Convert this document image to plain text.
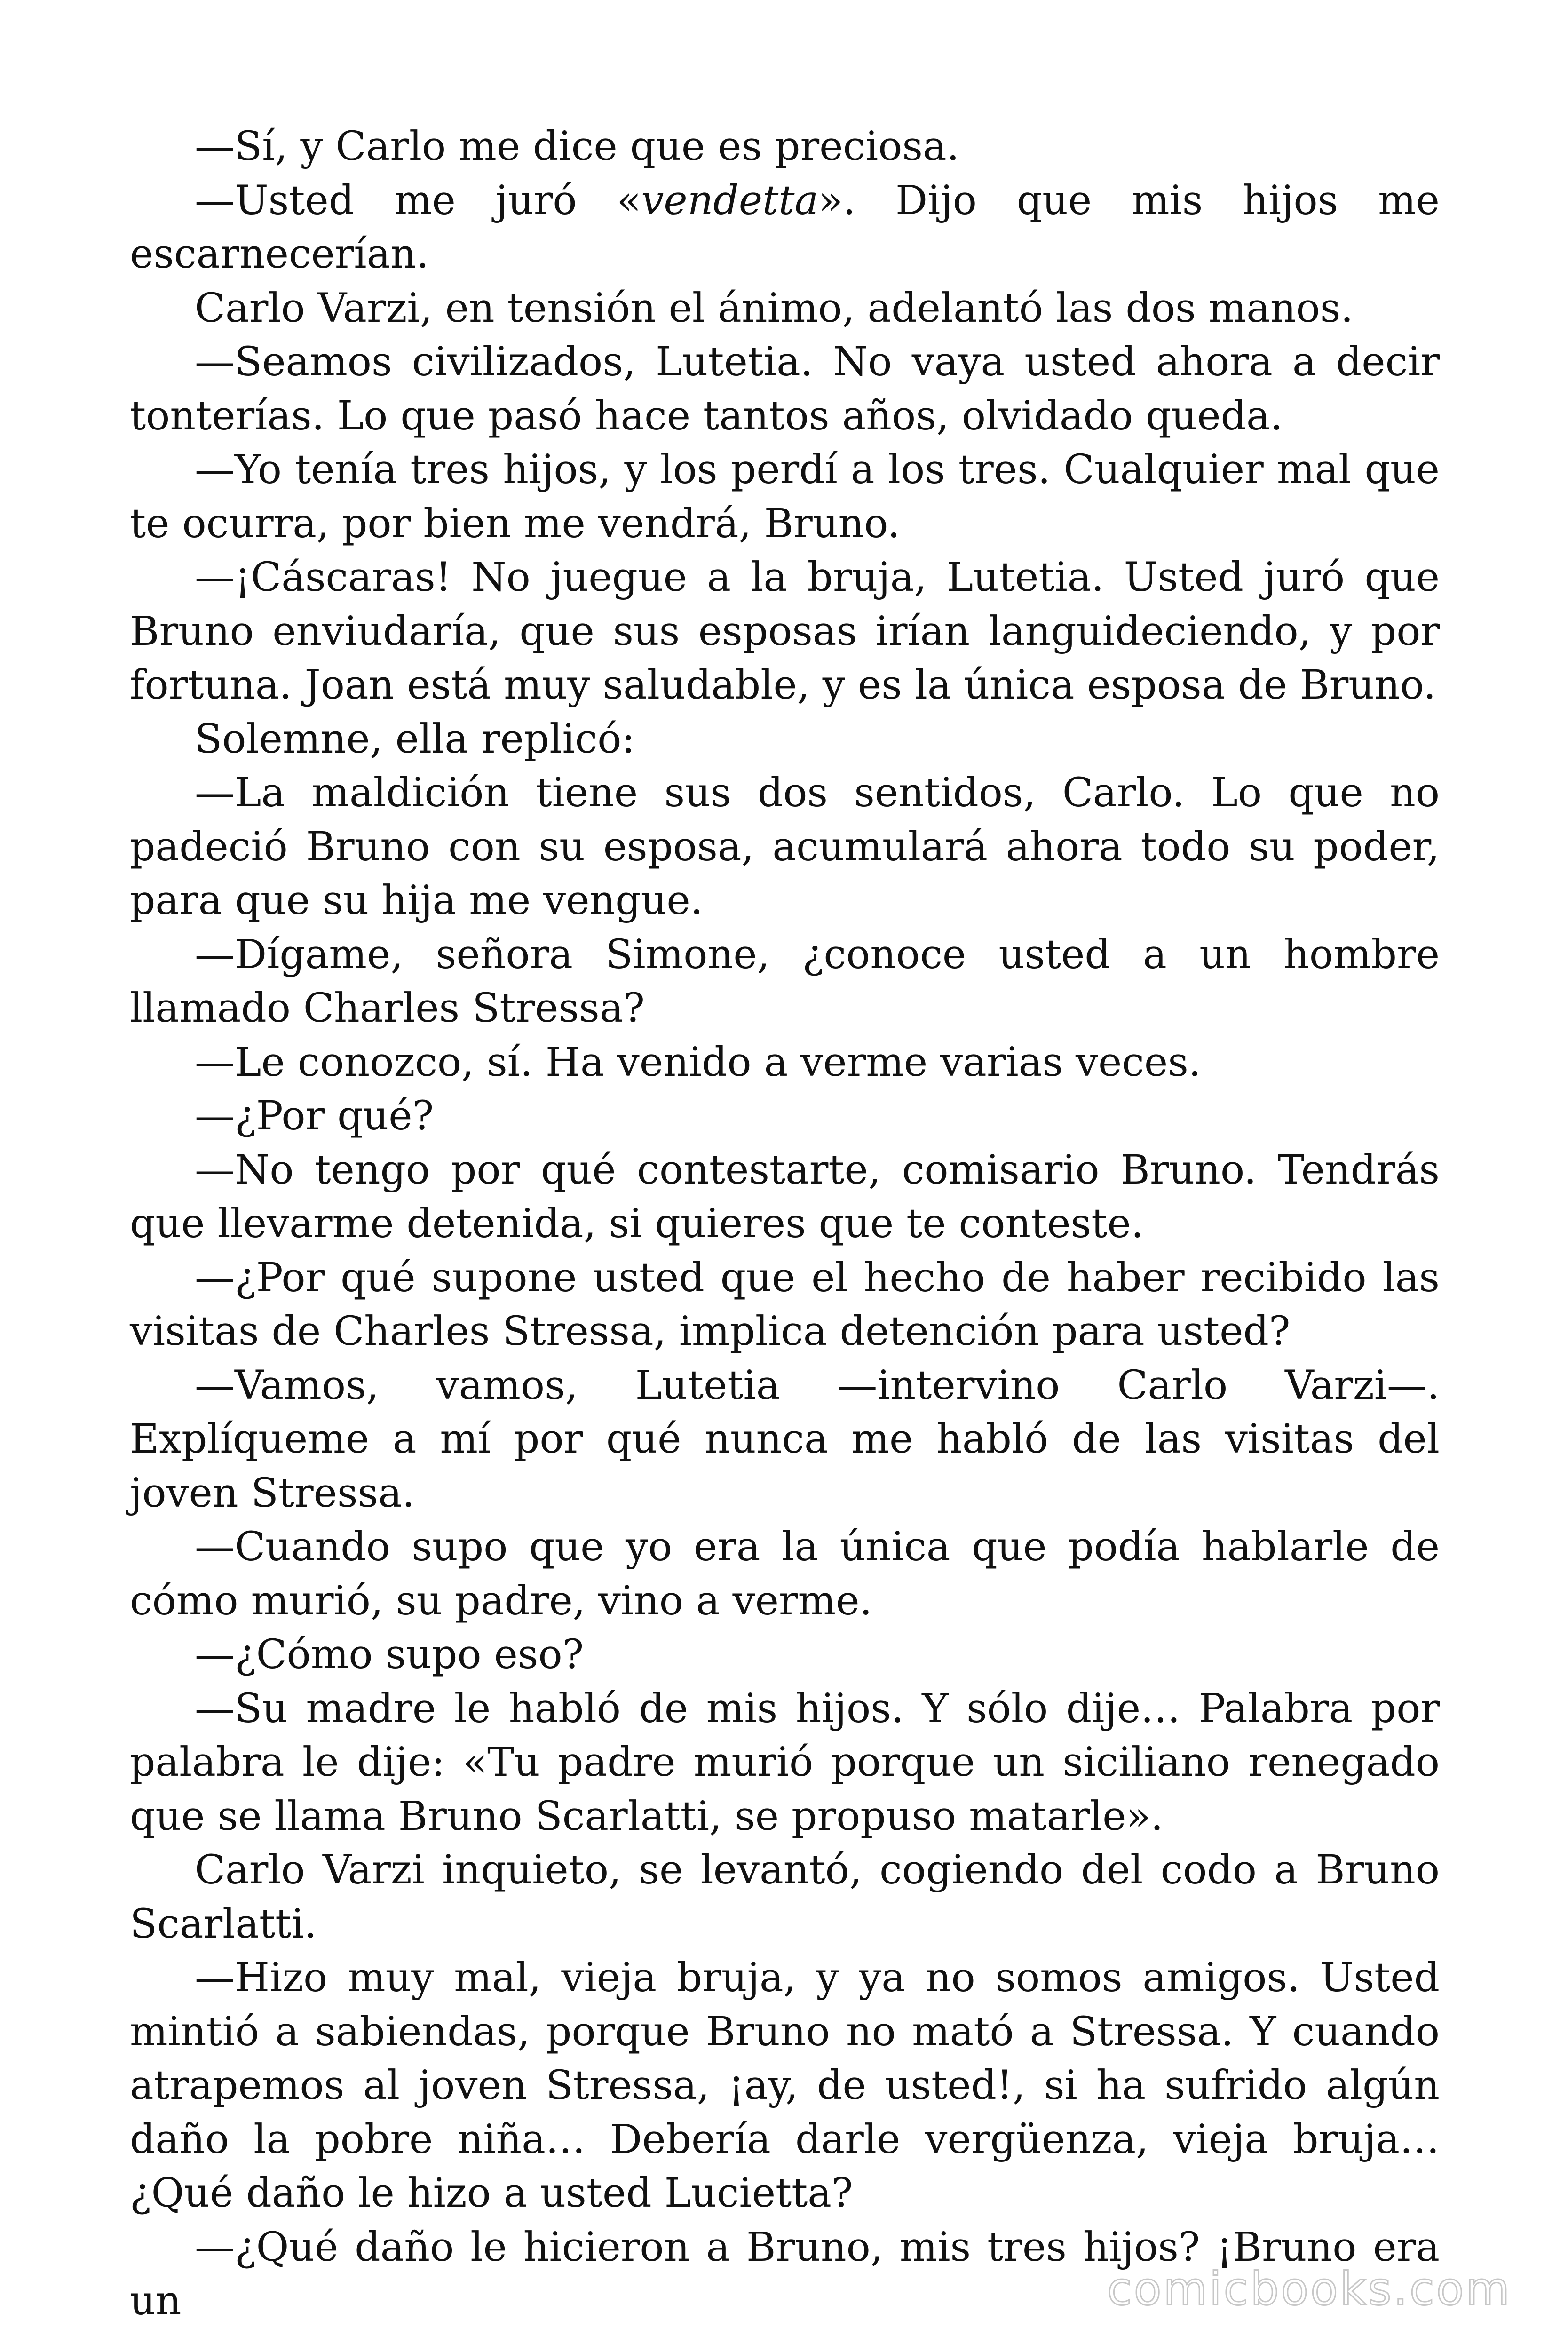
—Sí, y Carlo me dice que es preciosa.

—Usted me juró «vendetta». Dijo que mis hijos me escarnecerían.

Carlo Varzi, en tensión el ánimo, adelantó las dos manos.

—Seamos civilizados, Lutetia. No vaya usted ahora a decir tonterías. Lo que pasó hace tantos años, olvidado queda.

—Yo tenía tres hijos, y los perdí a los tres. Cualquier mal que te ocurra, por bien me vendrá, Bruno.

—¡Cáscaras! No juegue a la bruja, Lutetia. Usted juró que Bruno enviudaría, que sus esposas irían languideciendo, y por fortuna. Joan está muy saludable, y es la única esposa de Bruno.

Solemne, ella replicó:

—La maldición tiene sus dos sentidos, Carlo. Lo que no padeció Bruno con su esposa, acumulará ahora todo su poder, para que su hija me vengue.

—Dígame, señora Simone, ¿conoce usted a un hombre llamado Charles Stressa?

—Le conozco, sí. Ha venido a verme varias veces.

—¿Por qué?

—No tengo por qué contestarte, comisario Bruno. Tendrás que llevarme detenida, si quieres que te conteste.

—¿Por qué supone usted que el hecho de haber recibido las visitas de Charles Stressa, implica detención para usted?

—Vamos, vamos, Lutetia —intervino Carlo Varzi—. Explíqueme a mí por qué nunca me habló de las visitas del joven Stressa.

—Cuando supo que yo era la única que podía hablarle de cómo murió, su padre, vino a verme.

—¿Cómo supo eso?

—Su madre le habló de mis hijos. Y sólo dije… Palabra por palabra le dije: «Tu padre murió porque un siciliano renegado que se llama Bruno Scarlatti, se propuso matarle».

Carlo Varzi inquieto, se levantó, cogiendo del codo a Bruno Scarlatti.

—Hizo muy mal, vieja bruja, y ya no somos amigos. Usted mintió a sabiendas, porque Bruno no mató a Stressa. Y cuando atrapemos al joven Stressa, ¡ay, de usted!, si ha sufrido algún daño la pobre niña… Debería darle vergüenza, vieja bruja… ¿Qué daño le hizo a usted Lucietta?

—¿Qué daño le hicieron a Bruno, mis tres hijos? ¡Bruno era un	comicbooks.com
